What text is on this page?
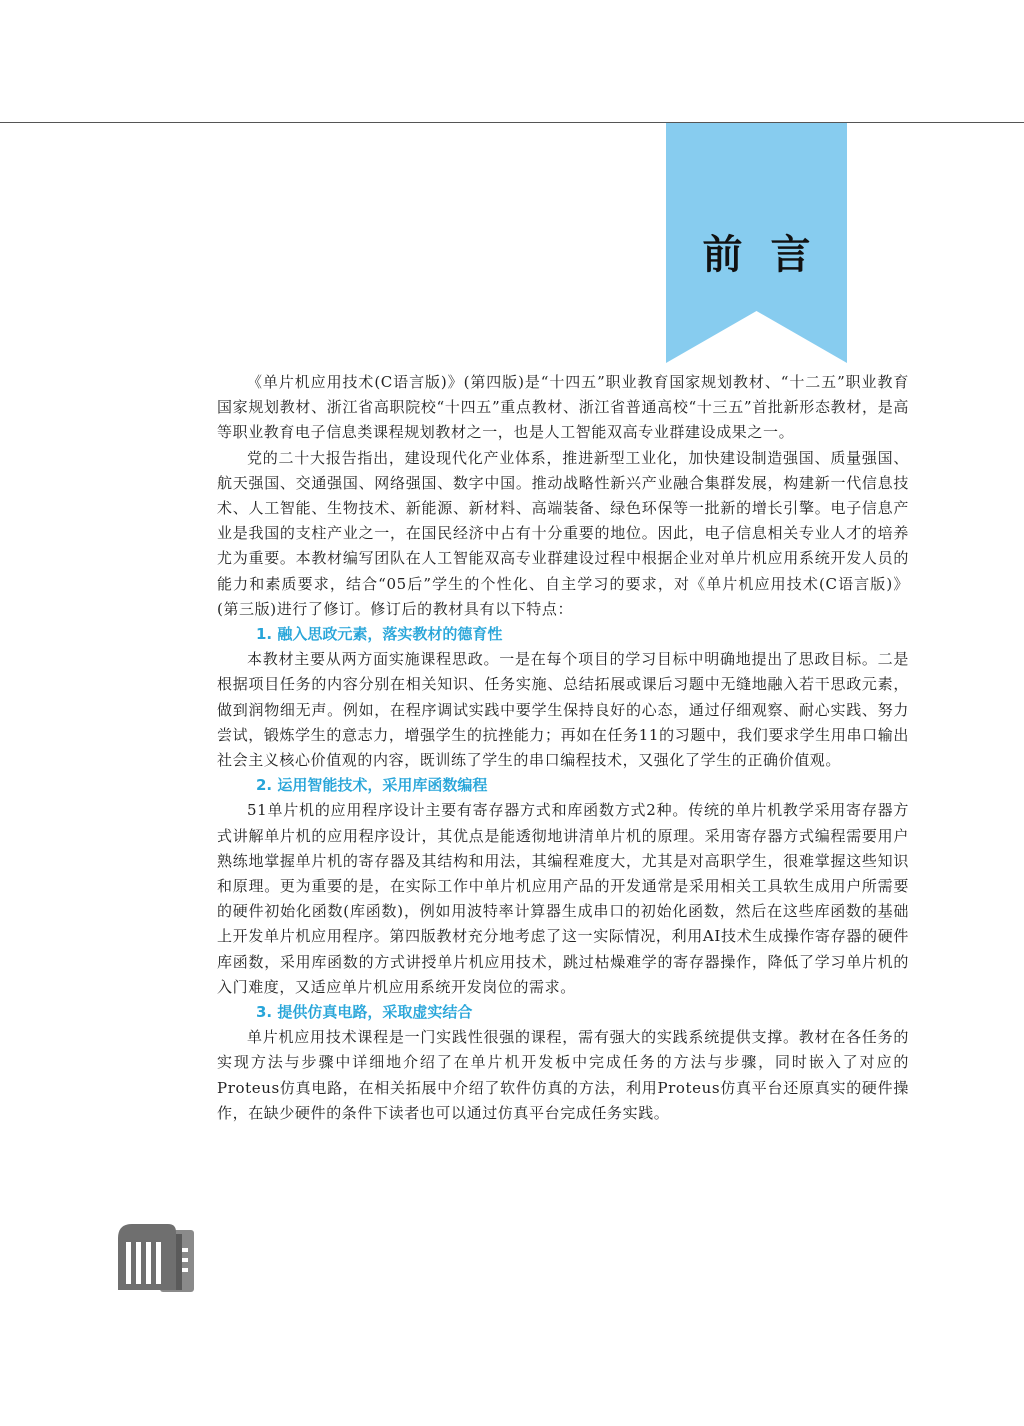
前言

《单片机应用技术(C语言版)》(第四版)是“十四五”职业教育国家规划教材、“十二五”职业教育国家规划教材、浙江省高职院校“十四五”重点教材、浙江省普通高校“十三五”首批新形态教材，是高等职业教育电子信息类课程规划教材之一，也是人工智能双高专业群建设成果之一。

党的二十大报告指出，建设现代化产业体系，推进新型工业化，加快建设制造强国、质量强国、航天强国、交通强国、网络强国、数字中国。推动战略性新兴产业融合集群发展，构建新一代信息技术、人工智能、生物技术、新能源、新材料、高端装备、绿色环保等一批新的增长引擎。电子信息产业是我国的支柱产业之一，在国民经济中占有十分重要的地位。因此，电子信息相关专业人才的培养尤为重要。本教材编写团队在人工智能双高专业群建设过程中根据企业对单片机应用系统开发人员的能力和素质要求，结合“05后”学生的个性化、自主学习的要求，对《单片机应用技术(C语言版)》(第三版)进行了修订。修订后的教材具有以下特点：

1. 融入思政元素，落实教材的德育性

本教材主要从两方面实施课程思政。一是在每个项目的学习目标中明确地提出了思政目标。二是根据项目任务的内容分别在相关知识、任务实施、总结拓展或课后习题中无缝地融入若干思政元素，做到润物细无声。例如，在程序调试实践中要学生保持良好的心态，通过仔细观察、耐心实践、努力尝试，锻炼学生的意志力，增强学生的抗挫能力；再如在任务11的习题中，我们要求学生用串口输出社会主义核心价值观的内容，既训练了学生的串口编程技术，又强化了学生的正确价值观。

2. 运用智能技术，采用库函数编程

51单片机的应用程序设计主要有寄存器方式和库函数方式2种。传统的单片机教学采用寄存器方式讲解单片机的应用程序设计，其优点是能透彻地讲清单片机的原理。采用寄存器方式编程需要用户熟练地掌握单片机的寄存器及其结构和用法，其编程难度大，尤其是对高职学生，很难掌握这些知识和原理。更为重要的是，在实际工作中单片机应用产品的开发通常是采用相关工具软生成用户所需要的硬件初始化函数(库函数)，例如用波特率计算器生成串口的初始化函数，然后在这些库函数的基础上开发单片机应用程序。第四版教材充分地考虑了这一实际情况，利用AI技术生成操作寄存器的硬件库函数，采用库函数的方式讲授单片机应用技术，跳过枯燥难学的寄存器操作，降低了学习单片机的入门难度，又适应单片机应用系统开发岗位的需求。

3. 提供仿真电路，采取虚实结合

单片机应用技术课程是一门实践性很强的课程，需有强大的实践系统提供支撑。教材在各任务的实现方法与步骤中详细地介绍了在单片机开发板中完成任务的方法与步骤，同时嵌入了对应的Proteus仿真电路，在相关拓展中介绍了软件仿真的方法，利用Proteus仿真平台还原真实的硬件操作，在缺少硬件的条件下读者也可以通过仿真平台完成任务实践。
